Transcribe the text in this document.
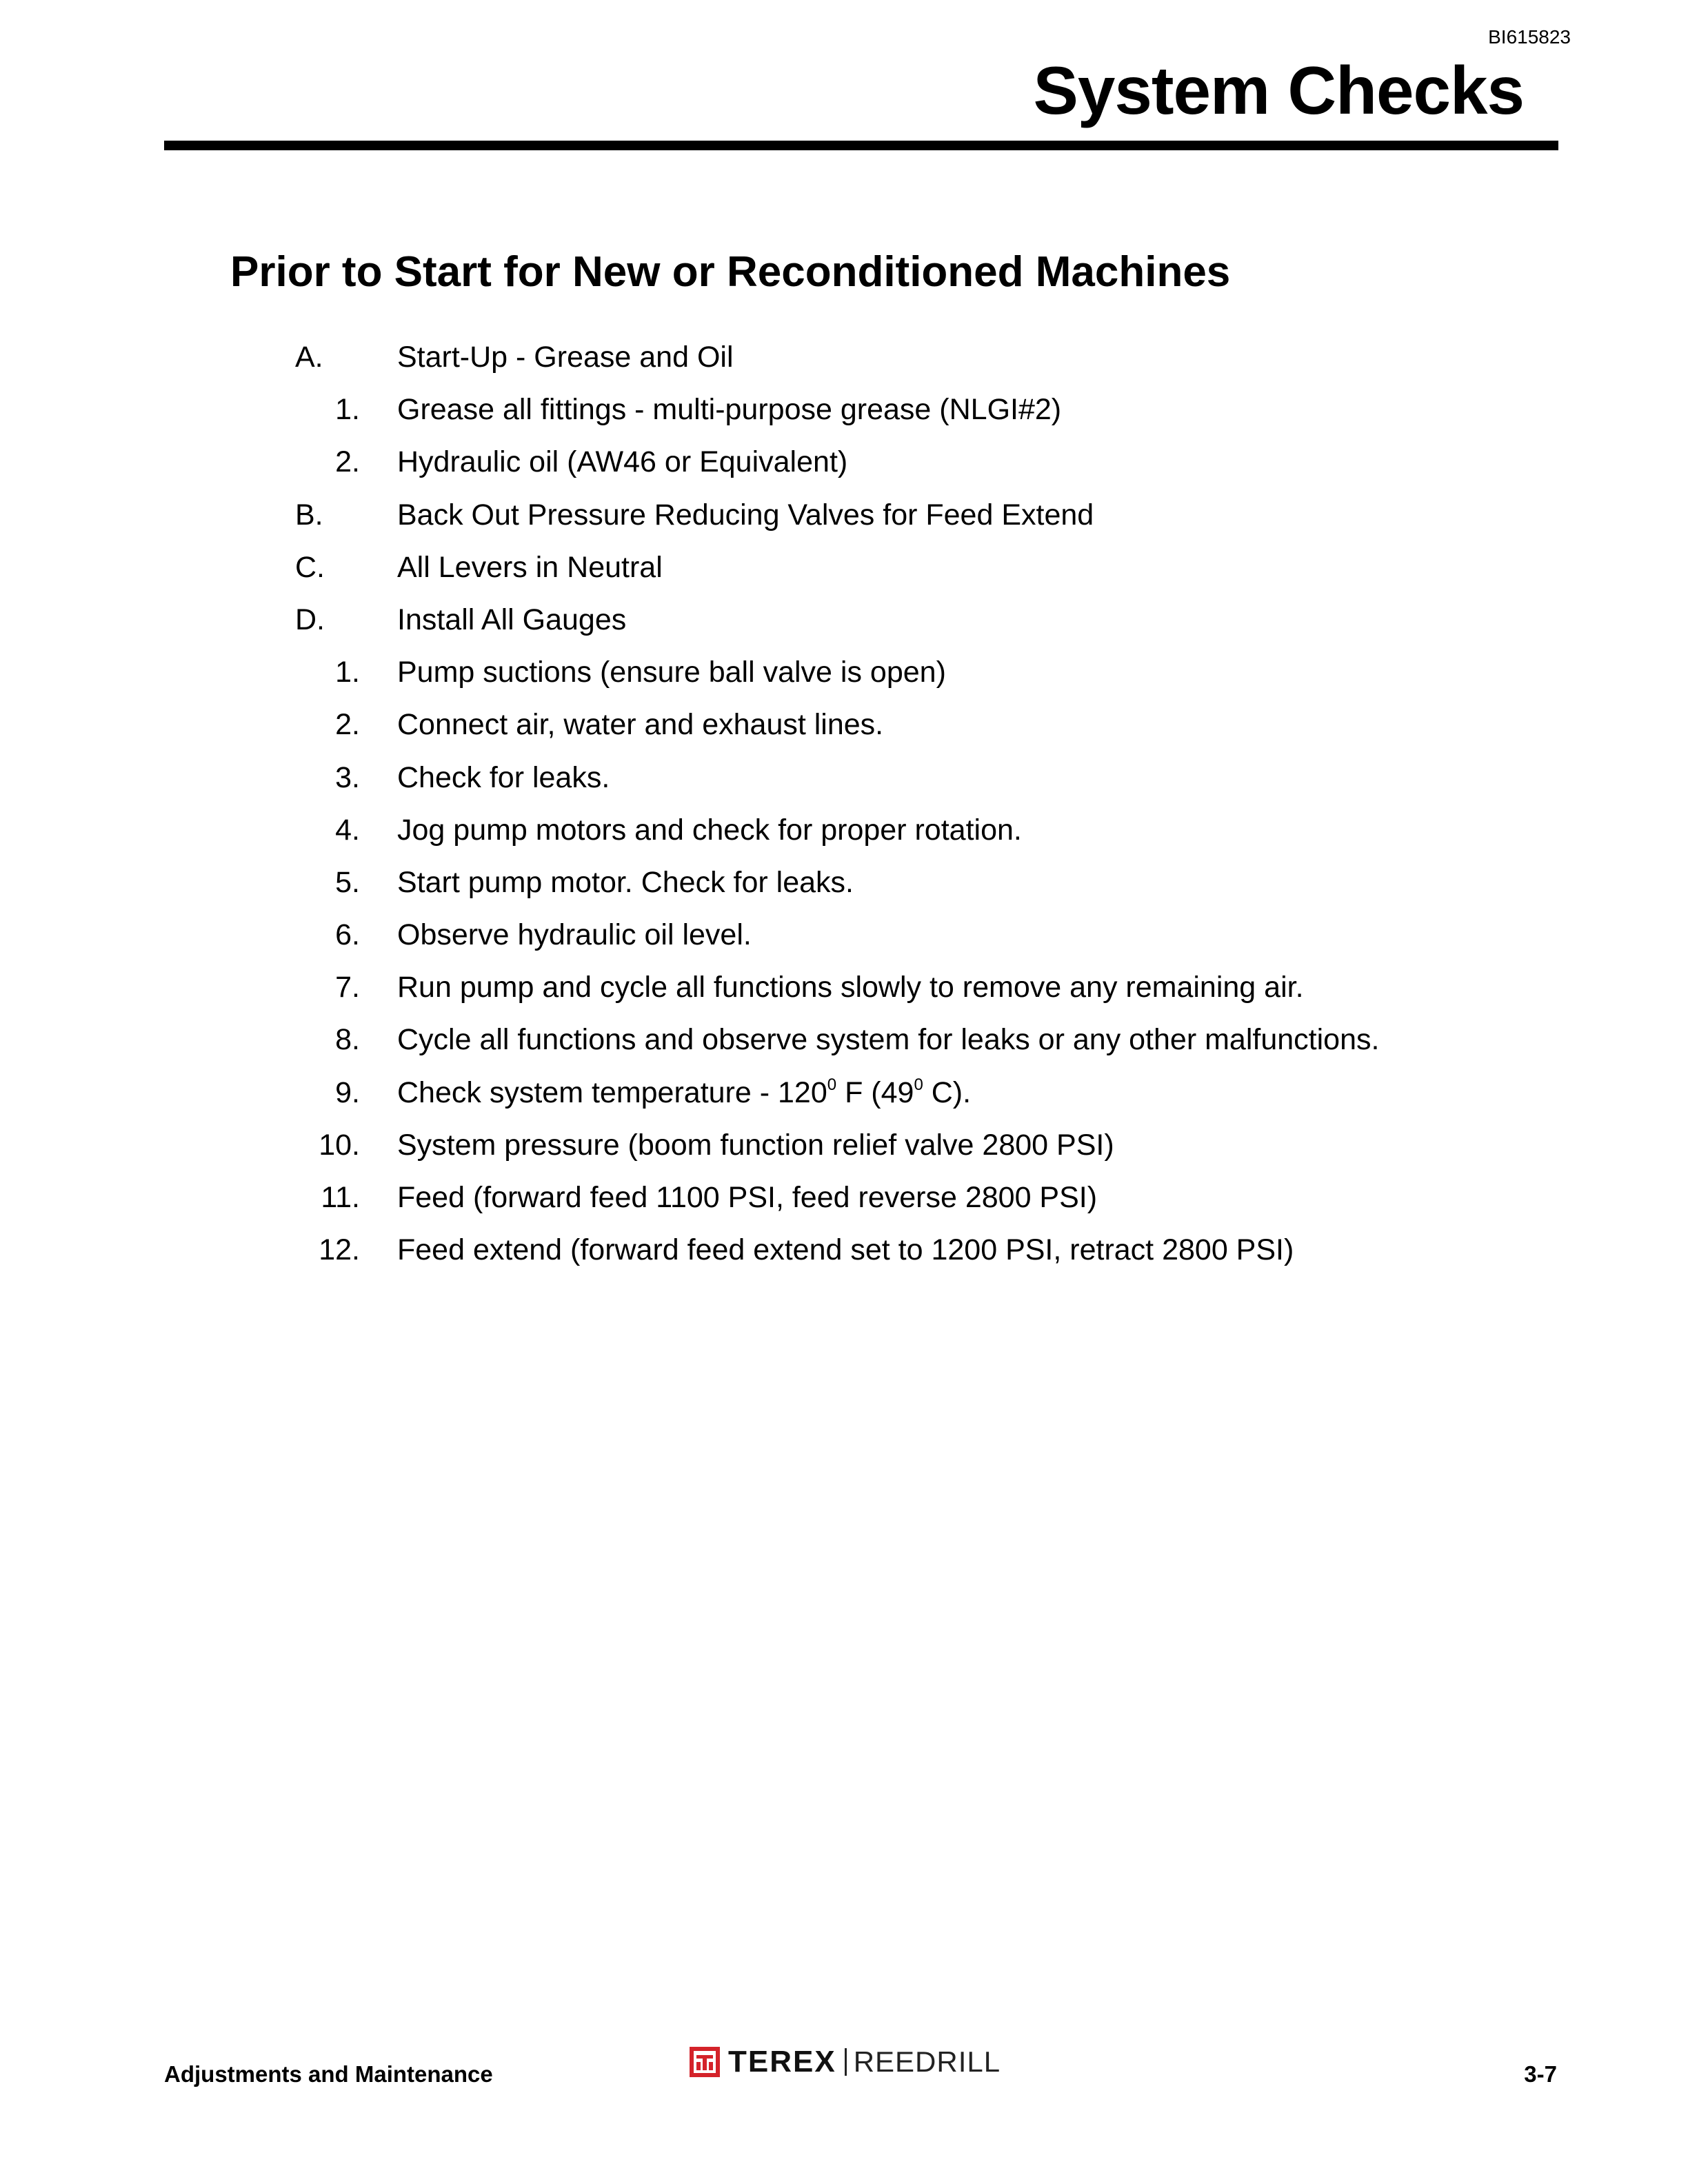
BI615823
System Checks
Prior to Start for New or Reconditioned Machines
A. Start-Up - Grease and Oil
1. Grease all fittings - multi-purpose grease (NLGI#2)
2. Hydraulic oil (AW46 or Equivalent)
B. Back Out Pressure Reducing Valves for Feed Extend
C. All Levers in Neutral
D. Install All Gauges
1. Pump suctions (ensure ball valve is open)
2. Connect air, water and exhaust lines.
3. Check for leaks.
4. Jog pump motors and check for proper rotation.
5. Start pump motor. Check for leaks.
6. Observe hydraulic oil level.
7. Run pump and cycle all functions slowly to remove any remaining air.
8. Cycle all functions and observe system for leaks or any other malfunctions.
9. Check system temperature - $120^0$ F ($49^0$ C).
10. System pressure (boom function relief valve 2800 PSI)
11. Feed (forward feed 1100 PSI, feed reverse 2800 PSI)
12. Feed extend (forward feed extend set to 1200 PSI, retract 2800 PSI)
Adjustments and Maintenance	TEREX REEDRILL	3-7
